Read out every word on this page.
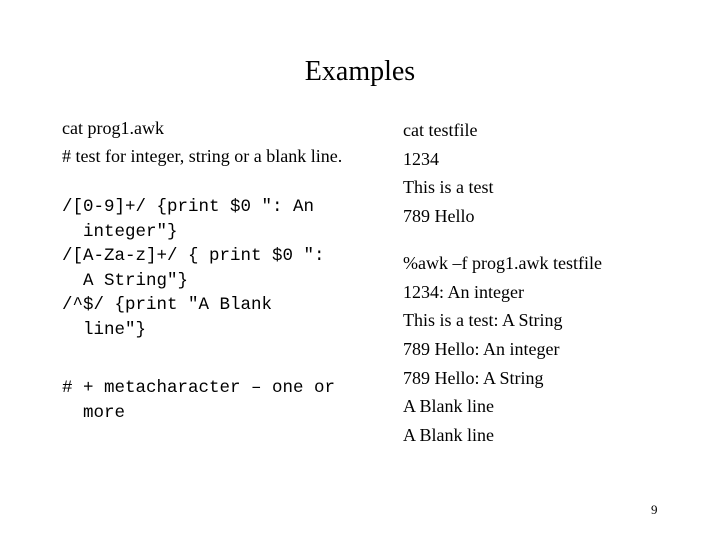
Examples
cat prog1.awk
# test for integer, string or a blank line.
/[0-9]+/ {print $0 ": An
integer"}
/[A-Za-z]+/ { print $0 ":
A String"}
/^$/ {print "A Blank
line"}
# + metacharacter – one or
more
cat testfile
1234
This is a test
789 Hello
%awk –f prog1.awk testfile
1234: An integer
This is a test: A String
789 Hello: An integer
789 Hello: A String
A Blank line
A Blank line
9
